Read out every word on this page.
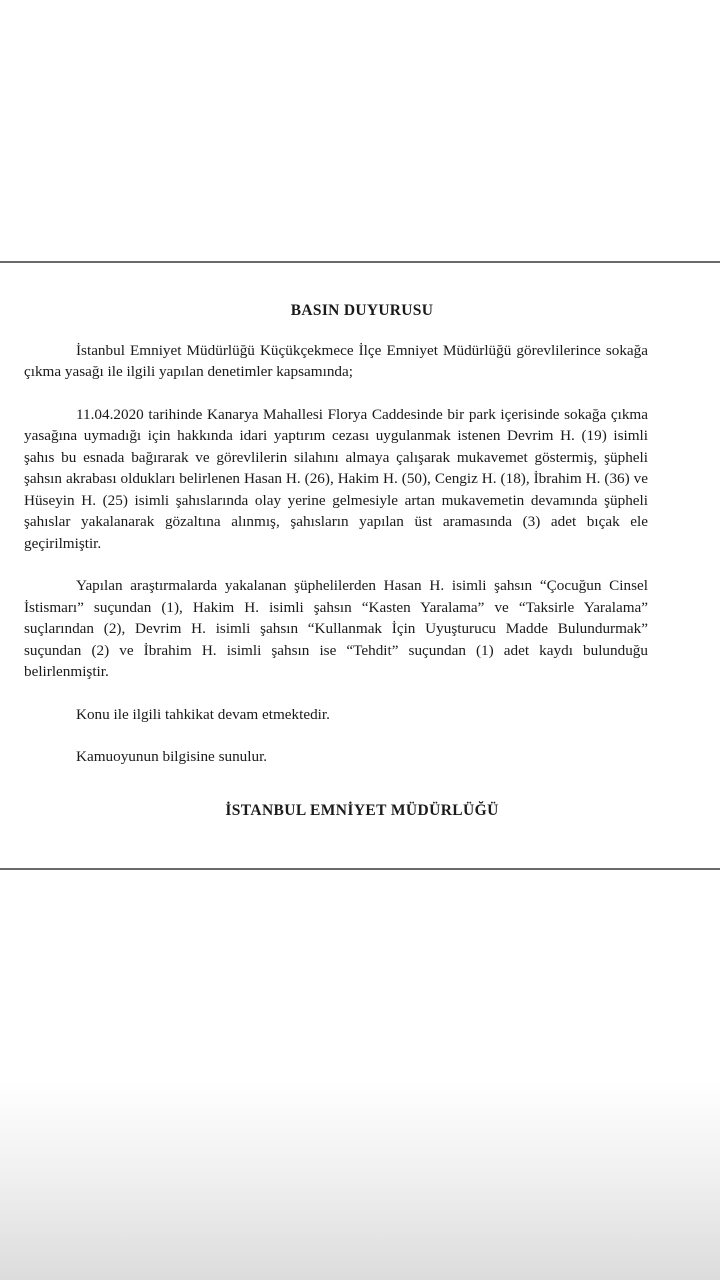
BASIN DUYURUSU

İstanbul Emniyet Müdürlüğü Küçükçekmece İlçe Emniyet Müdürlüğü görevlilerince sokağa çıkma yasağı ile ilgili yapılan denetimler kapsamında;

11.04.2020 tarihinde Kanarya Mahallesi Florya Caddesinde bir park içerisinde sokağa çıkma yasağına uymadığı için hakkında idari yaptırım cezası uygulanmak istenen Devrim H. (19) isimli şahıs bu esnada bağırarak ve görevlilerin silahını almaya çalışarak mukavemet göstermiş, şüpheli şahsın akrabası oldukları belirlenen Hasan H. (26), Hakim H. (50), Cengiz H. (18), İbrahim H. (36) ve Hüseyin H. (25) isimli şahıslarında olay yerine gelmesiyle artan mukavemetin devamında şüpheli şahıslar yakalanarak gözaltına alınmış, şahısların yapılan üst aramasında (3) adet bıçak ele geçirilmiştir.

Yapılan araştırmalarda yakalanan şüphelilerden Hasan H. isimli şahsın “Çocuğun Cinsel İstismarı” suçundan (1), Hakim H. isimli şahsın “Kasten Yaralama” ve “Taksirle Yaralama” suçlarından (2), Devrim H. isimli şahsın “Kullanmak İçin Uyuşturucu Madde Bulundurmak” suçundan (2) ve İbrahim H. isimli şahsın ise “Tehdit” suçundan (1) adet kaydı bulunduğu belirlenmiştir.

Konu ile ilgili tahkikat devam etmektedir.

Kamuoyunun bilgisine sunulur.

İSTANBUL EMNİYET MÜDÜRLÜĞÜ
